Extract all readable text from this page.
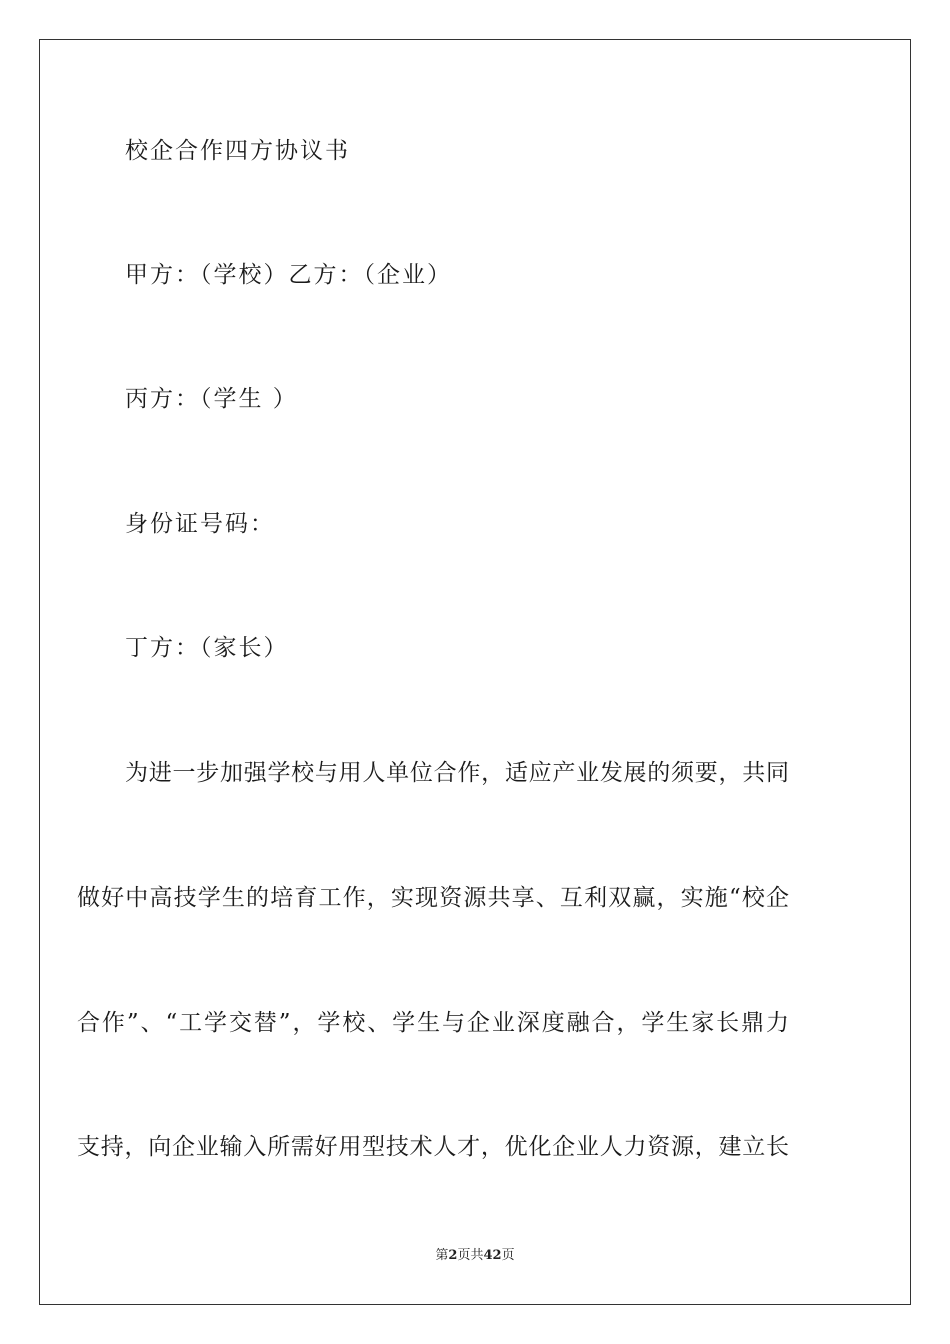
校企合作四方协议书
甲方：（学校）乙方：（企业）
丙方：（学生 ）
身份证号码：
丁方：（家长）
为进一步加强学校与用人单位合作，适应产业发展的须要，共同
做好中高技学生的培育工作，实现资源共享、互利双赢，实施“校企
合作”、“工学交替”，学校、学生与企业深度融合，学生家长鼎力
支持，向企业输入所需好用型技术人才，优化企业人力资源，建立长
第2页共42页
